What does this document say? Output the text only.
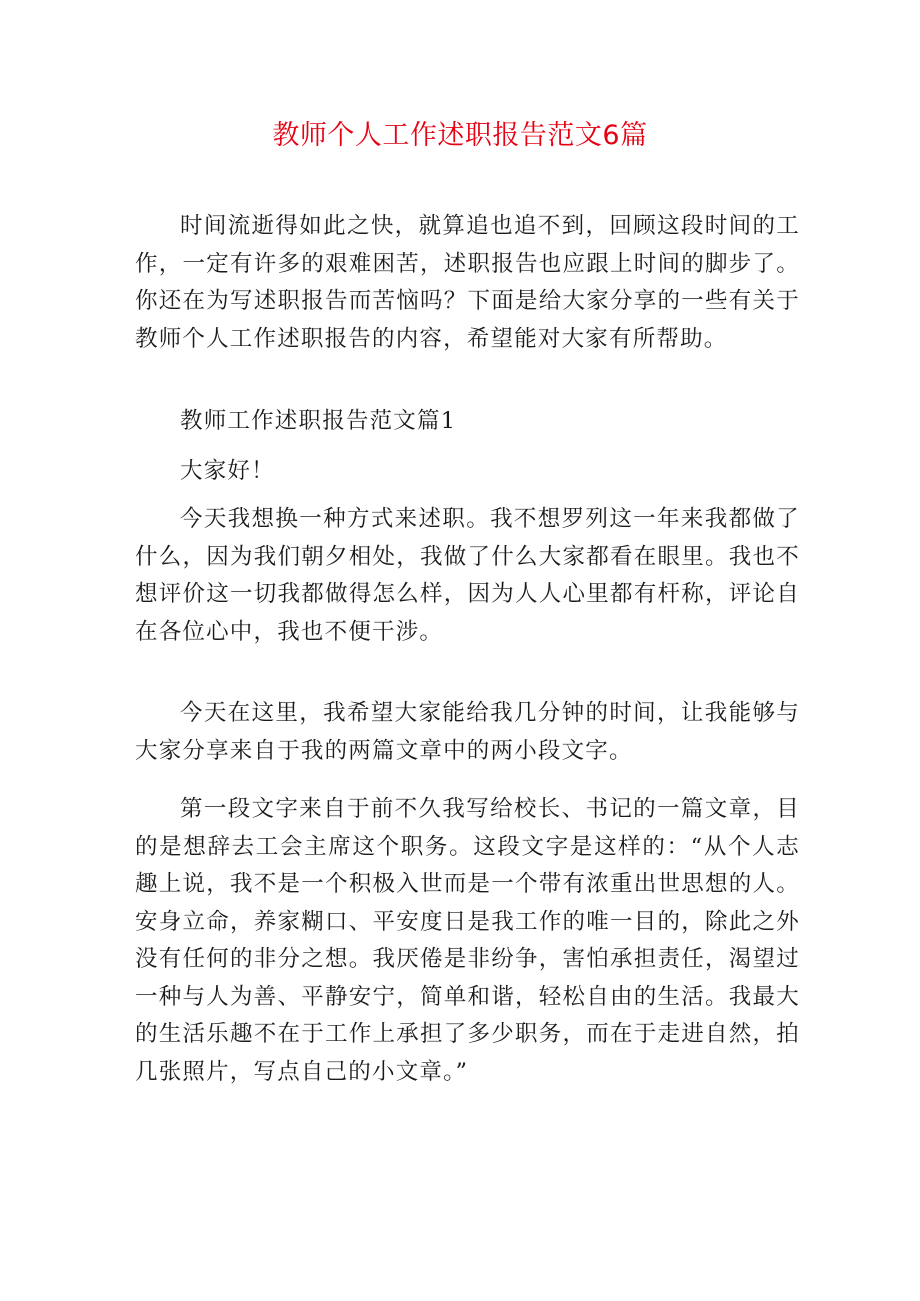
教师个人工作述职报告范文6篇

时间流逝得如此之快，就算追也追不到，回顾这段时间的工作，一定有许多的艰难困苦，述职报告也应跟上时间的脚步了。你还在为写述职报告而苦恼吗？下面是给大家分享的一些有关于教师个人工作述职报告的内容，希望能对大家有所帮助。

教师工作述职报告范文篇1

大家好！

今天我想换一种方式来述职。我不想罗列这一年来我都做了什么，因为我们朝夕相处，我做了什么大家都看在眼里。我也不想评价这一切我都做得怎么样，因为人人心里都有杆称，评论自在各位心中，我也不便干涉。

今天在这里，我希望大家能给我几分钟的时间，让我能够与大家分享来自于我的两篇文章中的两小段文字。

第一段文字来自于前不久我写给校长、书记的一篇文章，目的是想辞去工会主席这个职务。这段文字是这样的：“从个人志趣上说，我不是一个积极入世而是一个带有浓重出世思想的人。安身立命，养家糊口、平安度日是我工作的唯一目的，除此之外没有任何的非分之想。我厌倦是非纷争，害怕承担责任，渴望过一种与人为善、平静安宁，简单和谐，轻松自由的生活。我最大的生活乐趣不在于工作上承担了多少职务，而在于走进自然，拍几张照片，写点自己的小文章。”
